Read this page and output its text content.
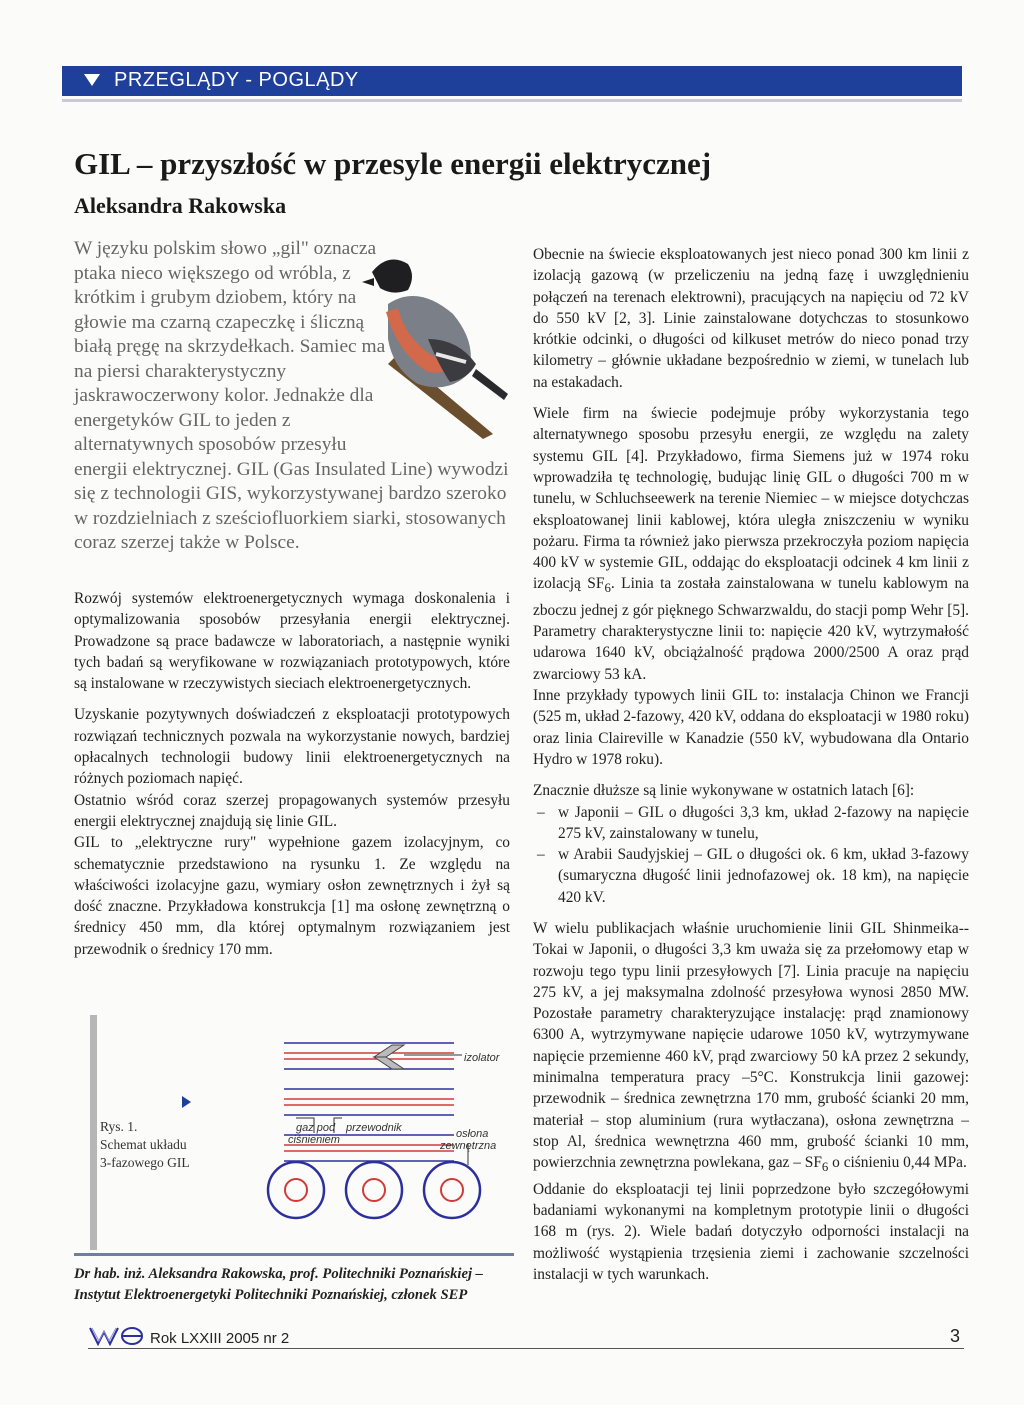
PRZEGLĄDY - POGLĄDY
GIL – przyszłość w przesyle energii elektrycznej
Aleksandra Rakowska

W języku polskim słowo „gil" oznacza ptaka nieco większego od wróbla, z krótkim i grubym dziobem, który na głowie ma czarną czapeczkę i śliczną białą pręgę na skrzydełkach. Samiec ma na piersi charakterystyczny jaskrawoczerwony kolor. Jednakże dla energetyków GIL to jeden z alternatywnych sposobów przesyłu energii elektrycznej. GIL (Gas Insulated Line) wywodzi się z technologii GIS, wykorzystywanej bardzo szeroko w rozdzielniach z sześciofluorkiem siarki, stosowanych coraz szerzej także w Polsce.

Rozwój systemów elektroenergetycznych wymaga doskonalenia i optymalizowania sposobów przesyłania energii elektrycznej. Prowadzone są prace badawcze w laboratoriach, a następnie wyniki tych badań są weryfikowane w rozwiązaniach prototypowych, które są instalowane w rzeczywistych sieciach elektroenergetycznych.

Uzyskanie pozytywnych doświadczeń z eksploatacji prototypowych rozwiązań technicznych pozwala na wykorzystanie nowych, bardziej opłacalnych technologii budowy linii elektroenergetycznych na różnych poziomach napięć.

Ostatnio wśród coraz szerzej propagowanych systemów przesyłu energii elektrycznej znajdują się linie GIL.

GIL to „elektryczne rury" wypełnione gazem izolacyjnym, co schematycznie przedstawiono na rysunku 1. Ze względu na właściwości izolacyjne gazu, wymiary osłon zewnętrznych i żył są dość znaczne. Przykładowa konstrukcja [1] ma osłonę zewnętrzną o średnicy 450 mm, dla której optymalnym rozwiązaniem jest przewodnik o średnicy 170 mm.

izolator
gaz pod
ciśnieniem
przewodnik	osłona
zewnętrzna
Rys. 1.
Schemat układu
3-fazowego GIL
Dr hab. inż. Aleksandra Rakowska, prof. Politechniki Poznańskiej – Instytut Elektroenergetyki Politechniki Poznańskiej, członek SEP

Obecnie na świecie eksploatowanych jest nieco ponad 300 km linii z izolacją gazową (w przeliczeniu na jedną fazę i uwzględnieniu połączeń na terenach elektrowni), pracujących na napięciu od 72 kV do 550 kV [2, 3]. Linie zainstalowane dotychczas to stosunkowo krótkie odcinki, o długości od kilkuset metrów do nieco ponad trzy kilometry – głównie układane bezpośrednio w ziemi, w tunelach lub na estakadach.

Wiele firm na świecie podejmuje próby wykorzystania tego alternatywnego sposobu przesyłu energii, ze względu na zalety systemu GIL [4]. Przykładowo, firma Siemens już w 1974 roku wprowadziła tę technologię, budując linię GIL o długości 700 m w tunelu, w Schluchseewerk na terenie Niemiec – w miejsce dotychczas eksploatowanej linii kablowej, która uległa zniszczeniu w wyniku pożaru. Firma ta również jako pierwsza przekroczyła poziom napięcia 400 kV w systemie GIL, oddając do eksploatacji odcinek 4 km linii z izolacją $SF_6$. Linia ta została zainstalowana w tunelu kablowym na zboczu jednej z gór pięknego Schwarzwaldu, do stacji pomp Wehr [5]. Parametry charakterystyczne linii to: napięcie 420 kV, wytrzymałość udarowa 1640 kV, obciążalność prądowa 2000/2500 A oraz prąd zwarciowy 53 kA.

Inne przykłady typowych linii GIL to: instalacja Chinon we Francji (525 m, układ 2-fazowy, 420 kV, oddana do eksploatacji w 1980 roku) oraz linia Claireville w Kanadzie (550 kV, wybudowana dla Ontario Hydro w 1978 roku).

Znacznie dłuższe są linie wykonywane w ostatnich latach [6]:

– w Japonii – GIL o długości 3,3 km, układ 2-fazowy na napięcie 275 kV, zainstalowany w tunelu,
– w Arabii Saudyjskiej – GIL o długości ok. 6 km, układ 3-fazowy (sumaryczna długość linii jednofazowej ok. 18 km), na napięcie 420 kV.

W wielu publikacjach właśnie uruchomienie linii GIL Shinmeika--Tokai w Japonii, o długości 3,3 km uważa się za przełomowy etap w rozwoju tego typu linii przesyłowych [7]. Linia pracuje na napięciu 275 kV, a jej maksymalna zdolność przesyłowa wynosi 2850 MW. Pozostałe parametry charakteryzujące instalację: prąd znamionowy 6300 A, wytrzymywane napięcie udarowe 1050 kV, wytrzymywane napięcie przemienne 460 kV, prąd zwarciowy 50 kA przez 2 sekundy, minimalna temperatura pracy –5°C. Konstrukcja linii gazowej: przewodnik – średnica zewnętrzna 170 mm, grubość ścianki 20 mm, materiał – stop aluminium (rura wytłaczana), osłona zewnętrzna – stop Al, średnica wewnętrzna 460 mm, grubość ścianki 10 mm, powierzchnia zewnętrzna powlekana, gaz – $SF_6$ o ciśnieniu 0,44 MPa.

Oddanie do eksploatacji tej linii poprzedzone było szczegółowymi badaniami wykonanymi na kompletnym prototypie linii o długości 168 m (rys. 2). Wiele badań dotyczyło odporności instalacji na możliwość wystąpienia trzęsienia ziemi i zachowanie szczelności instalacji w tych warunkach.

WE
Rok LXXIII 2005 nr 2	3
